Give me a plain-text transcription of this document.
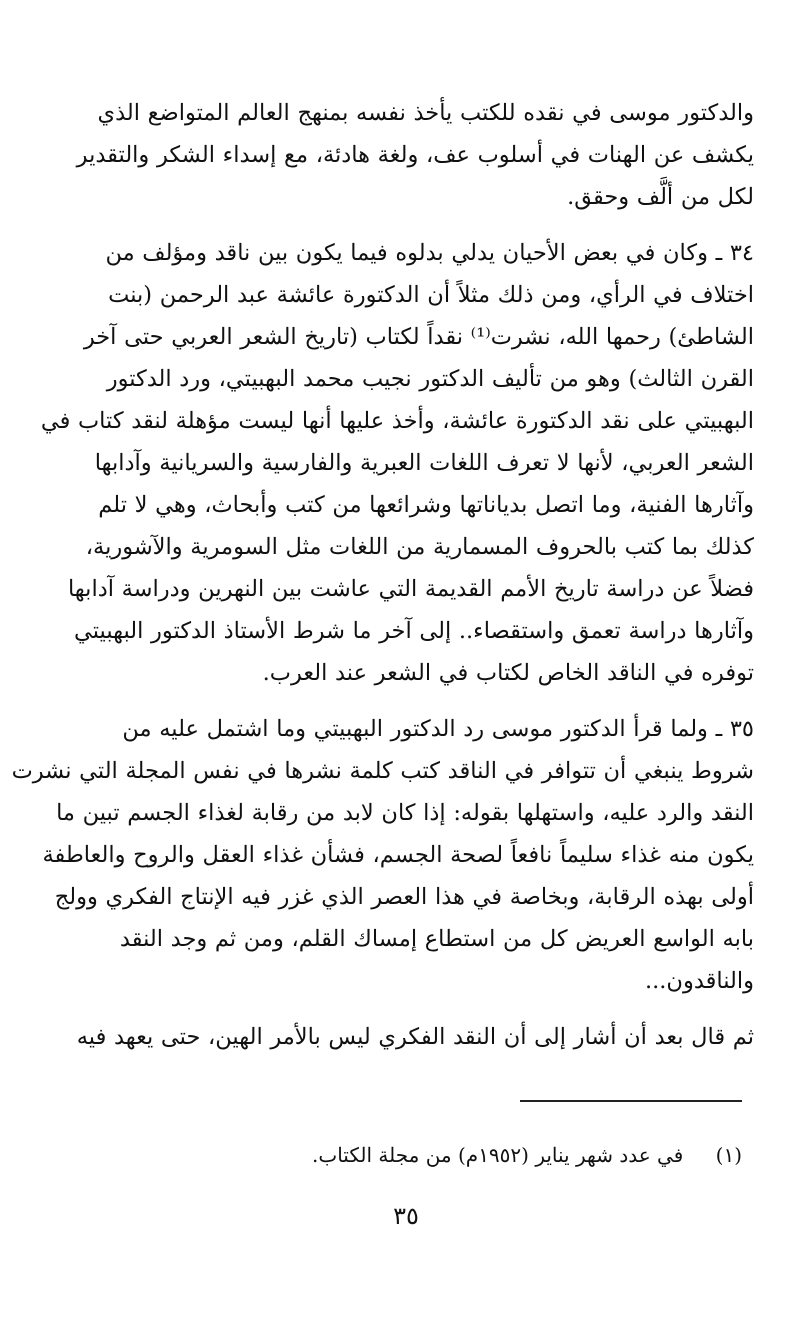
والدكتور موسى في نقده للكتب يأخذ نفسه بمنهج العالم المتواضع الذي
يكشف عن الهنات في أسلوب عف، ولغة هادئة، مع إسداء الشكر والتقدير
لكل من ألَّف وحقق.

٣٤ ـ وكان في بعض الأحيان يدلي بدلوه فيما يكون بين ناقد ومؤلف من
اختلاف في الرأي، ومن ذلك مثلاً أن الدكتورة عائشة عبد الرحمن (بنت
الشاطئ) رحمها الله، نشرت⁽¹⁾ نقداً لكتاب (تاريخ الشعر العربي حتى آخر
القرن الثالث) وهو من تأليف الدكتور نجيب محمد البهبيتي، ورد الدكتور
البهبيتي على نقد الدكتورة عائشة، وأخذ عليها أنها ليست مؤهلة لنقد كتاب في
الشعر العربي، لأنها لا تعرف اللغات العبرية والفارسية والسريانية وآدابها
وآثارها الفنية، وما اتصل بدياناتها وشرائعها من كتب وأبحاث، وهي لا تلم
كذلك بما كتب بالحروف المسمارية من اللغات مثل السومرية والآشورية،
فضلاً عن دراسة تاريخ الأمم القديمة التي عاشت بين النهرين ودراسة آدابها
وآثارها دراسة تعمق واستقصاء.. إلى آخر ما شرط الأستاذ الدكتور البهبيتي
توفره في الناقد الخاص لكتاب في الشعر عند العرب.

٣٥ ـ ولما قرأ الدكتور موسى رد الدكتور البهبيتي وما اشتمل عليه من
شروط ينبغي أن تتوافر في الناقد كتب كلمة نشرها في نفس المجلة التي نشرت
النقد والرد عليه، واستهلها بقوله: إذا كان لابد من رقابة لغذاء الجسم تبين ما
يكون منه غذاء سليماً نافعاً لصحة الجسم، فشأن غذاء العقل والروح والعاطفة
أولى بهذه الرقابة، وبخاصة في هذا العصر الذي غزر فيه الإنتاج الفكري وولج
بابه الواسع العريض كل من استطاع إمساك القلم، ومن ثم وجد النقد
والناقدون...

ثم قال بعد أن أشار إلى أن النقد الفكري ليس بالأمر الهين، حتى يعهد فيه

(١) في عدد شهر يناير (١٩٥٢م) من مجلة الكتاب.
٣٥
